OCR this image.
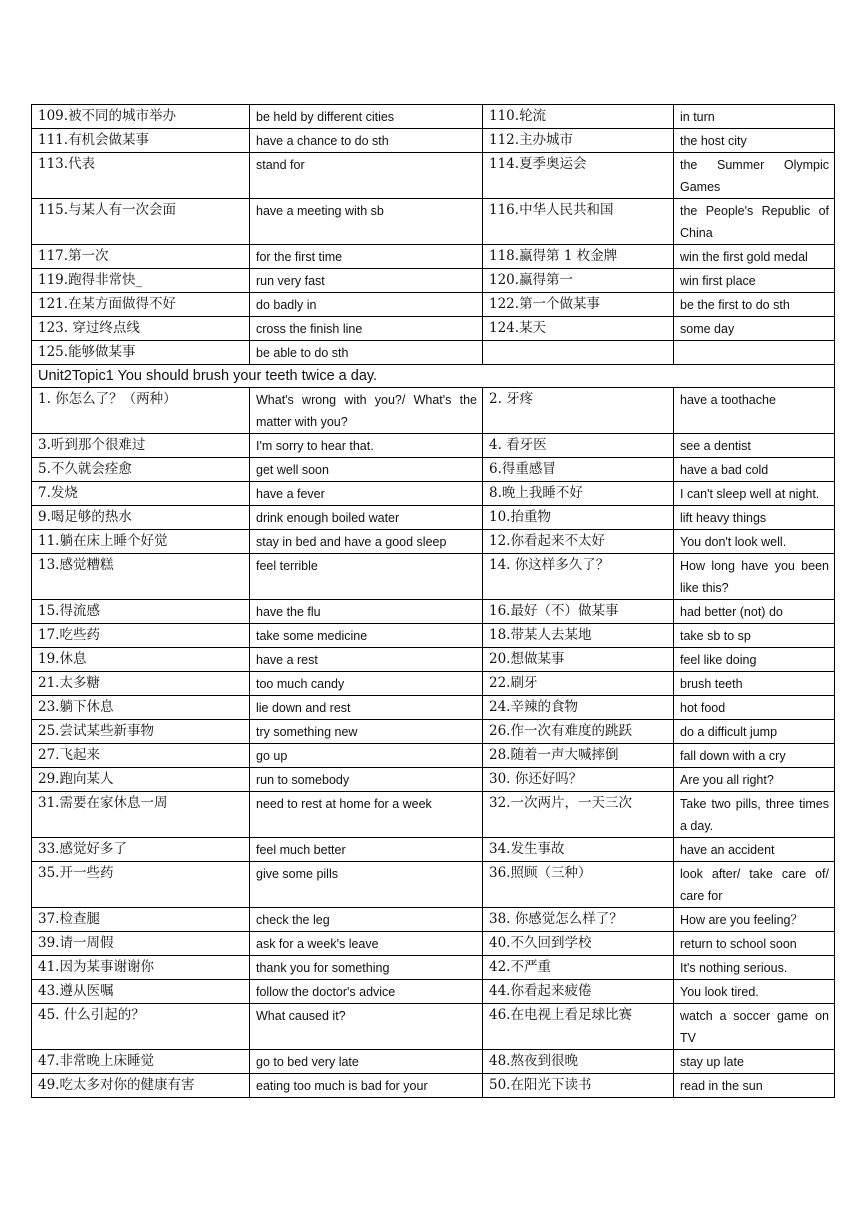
109.被不同的城市举办	be held by different cities	110.轮流	in turn
111.有机会做某事	have a chance to do sth	112.主办城市	the host city
113.代表	stand for	114.夏季奥运会	the Summer Olympic Games
115.与某人有一次会面	have a meeting with sb	116.中华人民共和国	the People's Republic of China
117.第一次	for the first time	118.赢得第 1 枚金牌	win the first gold medal
119.跑得非常快_	run very fast	120.赢得第一	win first place
121.在某方面做得不好	do badly in	122.第一个做某事	be the first to do sth
123. 穿过终点线	cross the finish line	124.某天	some day
125.能够做某事	be able to do sth		
Unit2Topic1 You should brush your teeth twice a day.			
1. 你怎么了？（两种）	What's wrong with you?/ What's the matter with you?	2. 牙疼	have a toothache
3.听到那个很难过	I'm sorry to hear that.	4. 看牙医	see a dentist
5.不久就会痊愈	get well soon	6.得重感冒	have a bad cold
7.发烧	have a fever	8.晚上我睡不好	I can't sleep well at night.
9.喝足够的热水	drink enough boiled water	10.抬重物	lift heavy things
11.躺在床上睡个好觉	stay in bed and have a good sleep	12.你看起来不太好	You don't look well.
13.感觉糟糕	feel terrible	14. 你这样多久了？	How long have you been like this?
15.得流感	have the flu	16.最好（不）做某事	had better (not) do
17.吃些药	take some medicine	18.带某人去某地	take sb to sp
19.休息	have a rest	20.想做某事	feel like doing
21.太多糖	too much candy	22.刷牙	brush teeth
23.躺下休息	lie down and rest	24.辛辣的食物	hot food
25.尝试某些新事物	try something new	26.作一次有难度的跳跃	do a difficult jump
27.飞起来	go up	28.随着一声大喊摔倒	fall down with a cry
29.跑向某人	run to somebody	30. 你还好吗？	Are you all right?
31.需要在家休息一周	need to rest at home for a week	32.一次两片，一天三次	Take two pills, three times a day.
33.感觉好多了	feel much better	34.发生事故	have an accident
35.开一些药	give some pills	36.照顾（三种）	look after/ take care of/ care for
37.检查腿	check the leg	38. 你感觉怎么样了？	How are you feeling？
39.请一周假	ask for a week's leave	40.不久回到学校	return to school soon
41.因为某事谢谢你	thank you for something	42.不严重	It's nothing serious.
43.遵从医嘱	follow the doctor's advice	44.你看起来疲倦	You look tired.
45. 什么引起的？	What caused it?	46.在电视上看足球比赛	watch a soccer game on TV
47.非常晚上床睡觉	go to bed very late	48.熬夜到很晚	stay up late
49.吃太多对你的健康有害	eating too much is bad for your	50.在阳光下读书	read in the sun
